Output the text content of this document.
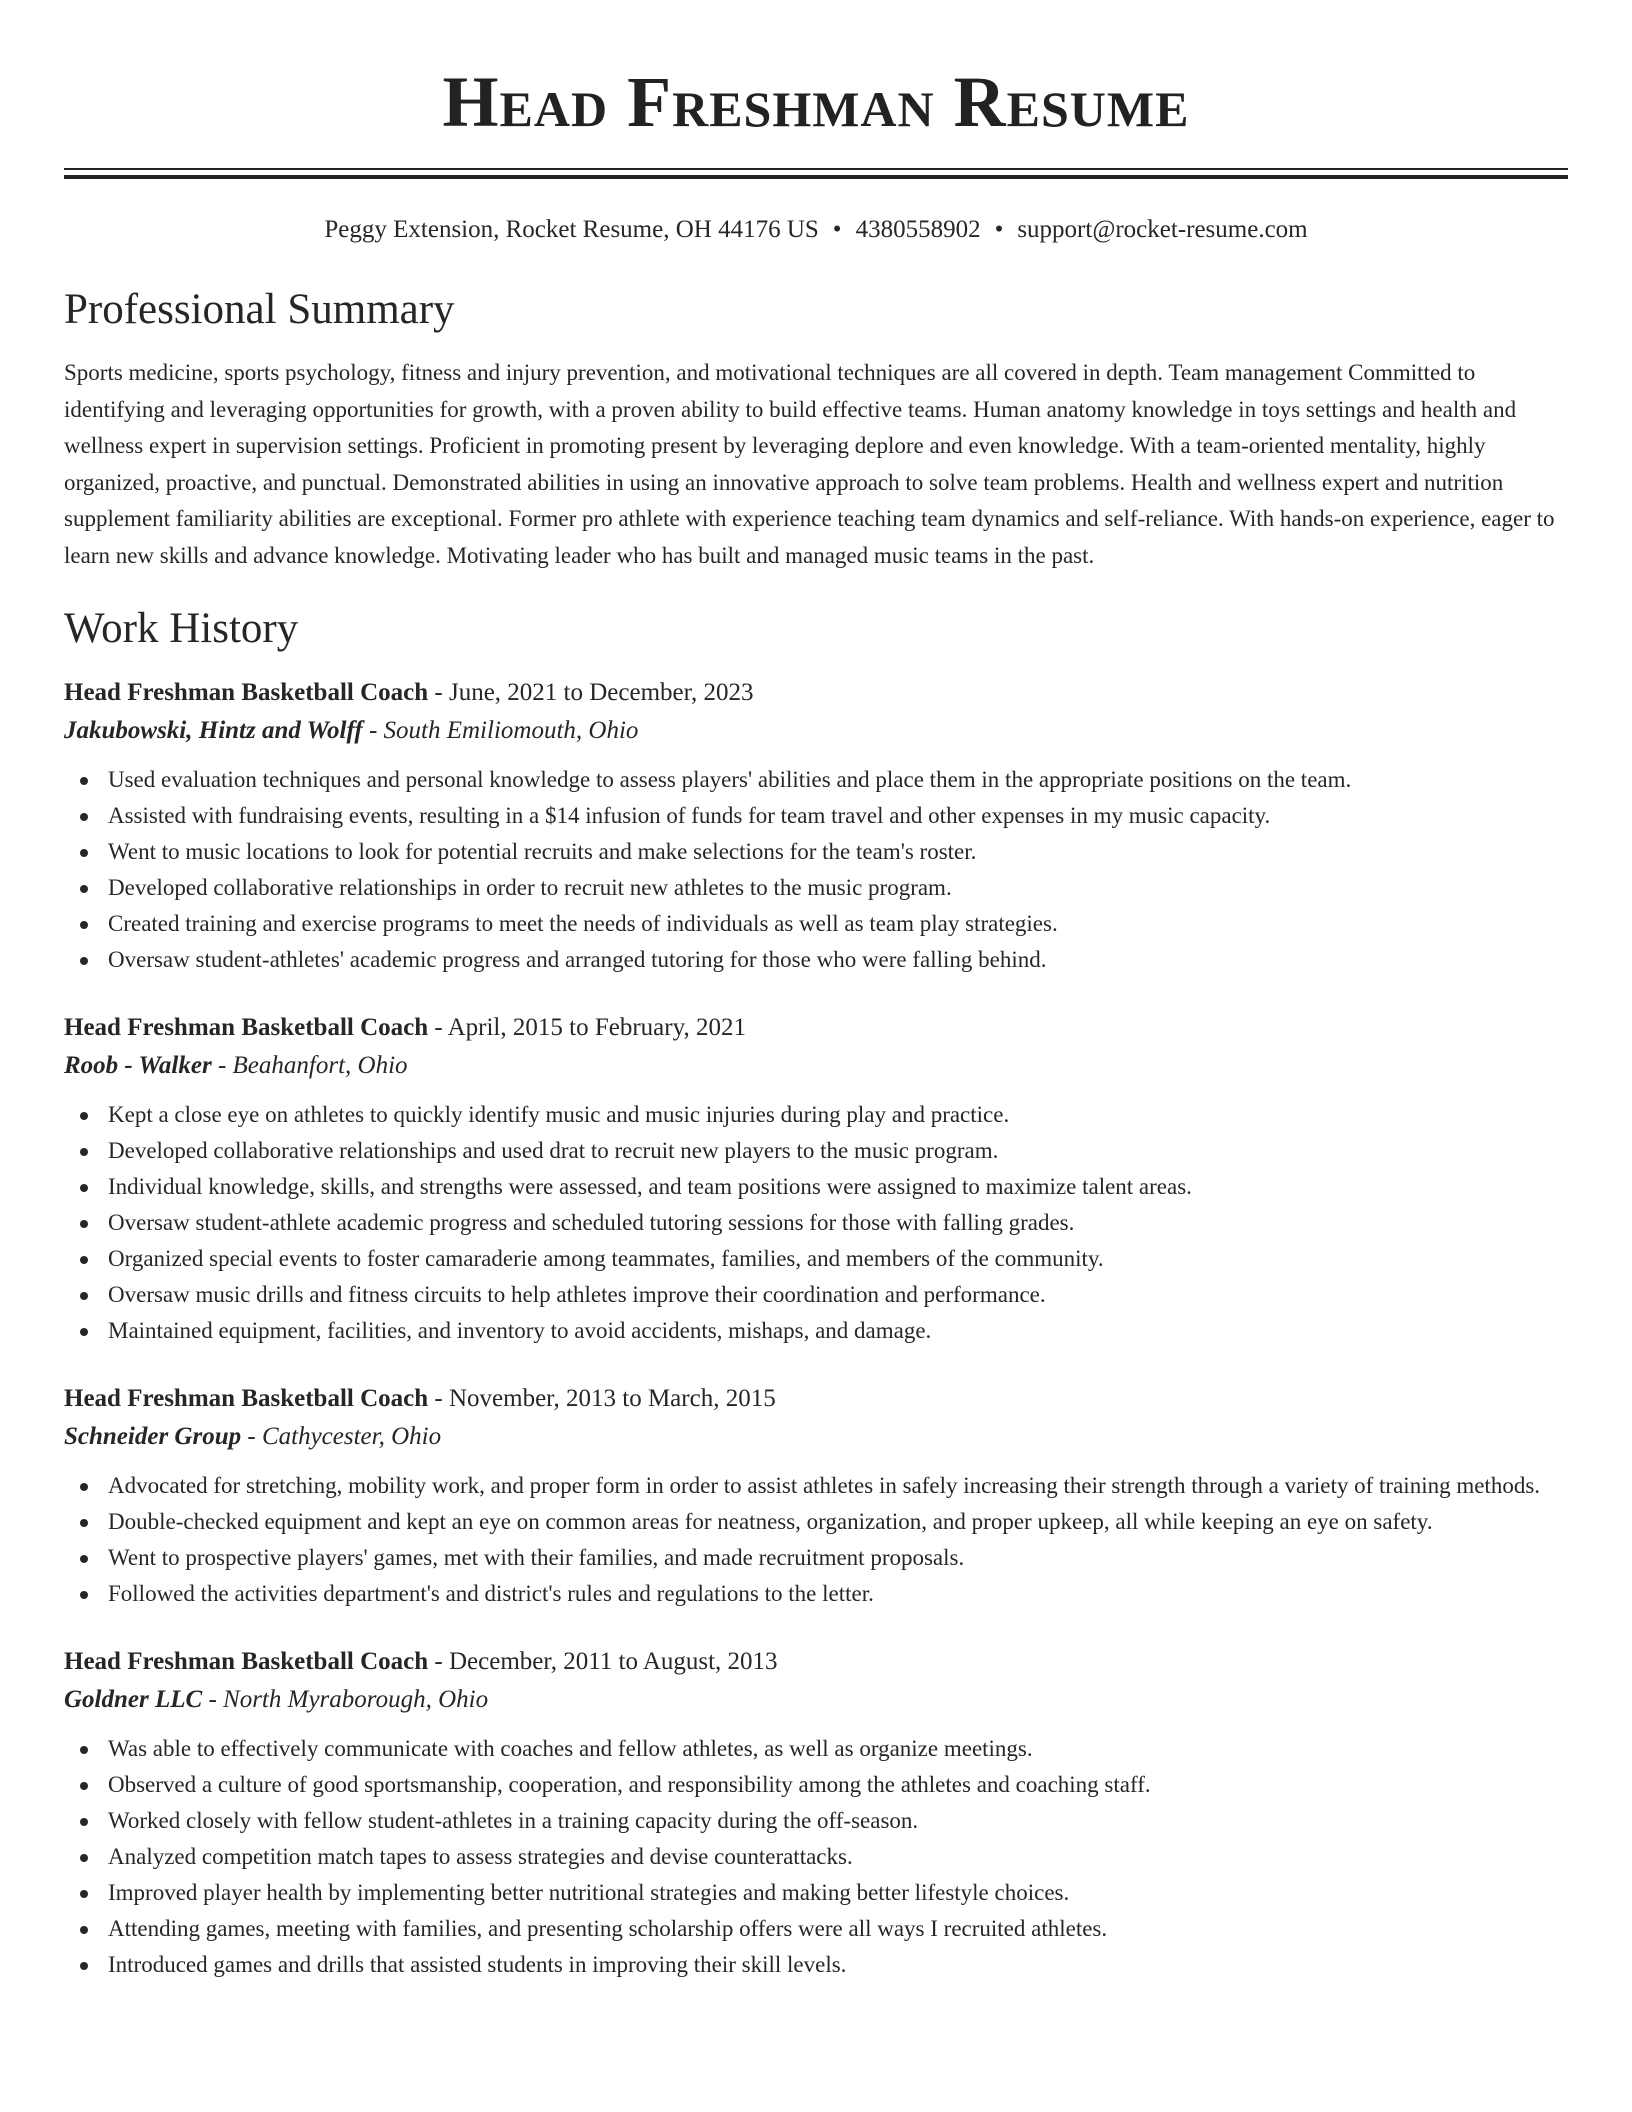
Head Freshman Resume
Peggy Extension, Rocket Resume, OH 44176 US • 4380558902 • support@rocket-resume.com
Professional Summary
Sports medicine, sports psychology, fitness and injury prevention, and motivational techniques are all covered in depth. Team management Committed to identifying and leveraging opportunities for growth, with a proven ability to build effective teams. Human anatomy knowledge in toys settings and health and wellness expert in supervision settings. Proficient in promoting present by leveraging deplore and even knowledge. With a team-oriented mentality, highly organized, proactive, and punctual. Demonstrated abilities in using an innovative approach to solve team problems. Health and wellness expert and nutrition supplement familiarity abilities are exceptional. Former pro athlete with experience teaching team dynamics and self-reliance. With hands-on experience, eager to learn new skills and advance knowledge. Motivating leader who has built and managed music teams in the past.
Work History
Head Freshman Basketball Coach - June, 2021 to December, 2023
Jakubowski, Hintz and Wolff - South Emiliomouth, Ohio
Used evaluation techniques and personal knowledge to assess players' abilities and place them in the appropriate positions on the team.
Assisted with fundraising events, resulting in a $14 infusion of funds for team travel and other expenses in my music capacity.
Went to music locations to look for potential recruits and make selections for the team's roster.
Developed collaborative relationships in order to recruit new athletes to the music program.
Created training and exercise programs to meet the needs of individuals as well as team play strategies.
Oversaw student-athletes' academic progress and arranged tutoring for those who were falling behind.
Head Freshman Basketball Coach - April, 2015 to February, 2021
Roob - Walker - Beahanfort, Ohio
Kept a close eye on athletes to quickly identify music and music injuries during play and practice.
Developed collaborative relationships and used drat to recruit new players to the music program.
Individual knowledge, skills, and strengths were assessed, and team positions were assigned to maximize talent areas.
Oversaw student-athlete academic progress and scheduled tutoring sessions for those with falling grades.
Organized special events to foster camaraderie among teammates, families, and members of the community.
Oversaw music drills and fitness circuits to help athletes improve their coordination and performance.
Maintained equipment, facilities, and inventory to avoid accidents, mishaps, and damage.
Head Freshman Basketball Coach - November, 2013 to March, 2015
Schneider Group - Cathycester, Ohio
Advocated for stretching, mobility work, and proper form in order to assist athletes in safely increasing their strength through a variety of training methods.
Double-checked equipment and kept an eye on common areas for neatness, organization, and proper upkeep, all while keeping an eye on safety.
Went to prospective players' games, met with their families, and made recruitment proposals.
Followed the activities department's and district's rules and regulations to the letter.
Head Freshman Basketball Coach - December, 2011 to August, 2013
Goldner LLC - North Myraborough, Ohio
Was able to effectively communicate with coaches and fellow athletes, as well as organize meetings.
Observed a culture of good sportsmanship, cooperation, and responsibility among the athletes and coaching staff.
Worked closely with fellow student-athletes in a training capacity during the off-season.
Analyzed competition match tapes to assess strategies and devise counterattacks.
Improved player health by implementing better nutritional strategies and making better lifestyle choices.
Attending games, meeting with families, and presenting scholarship offers were all ways I recruited athletes.
Introduced games and drills that assisted students in improving their skill levels.
